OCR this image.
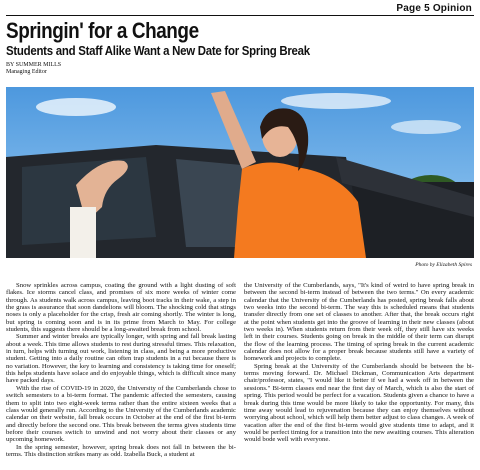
Page 5 Opinion
Springin' for a Change
Students and Staff Alike Want a New Date for Spring Break
BY SUMMER MILLS
Managing Editor
Photo by Elizabeth Spires

Snow sprinkles across campus, coating the ground with a light dusting of soft flakes. Ice storms cancel class, and promises of six more weeks of winter come through. As students walk across campus, leaving boot tracks in their wake, a step in the grass is assurance that soon dandelions will bloom. The shocking cold that stings noses is only a placeholder for the crisp, fresh air coming shortly. The winter is long, but spring is coming soon and is in its prime from March to May. For college students, this suggests there should be a long-awaited break from school.

Summer and winter breaks are typically longer, with spring and fall break lasting about a week. This time allows students to rest during stressful times. This relaxation, in turn, helps with turning out work, listening in class, and being a more productive student. Getting into a daily routine can often trap students in a rut because there is no variation. However, the key to learning and consistency is taking time for oneself; this helps students have solace and do enjoyable things, which is difficult since many have packed days.

With the rise of COVID-19 in 2020, the University of the Cumberlands chose to switch semesters to a bi-term format. The pandemic affected the semesters, causing them to split into two eight-week terms rather than the entire sixteen weeks that a class would generally run. According to the University of the Cumberlands academic calendar on their website, fall break occurs in October at the end of the first bi-term and directly before the second one. This break between the terms gives students time before their courses switch to unwind and not worry about their classes or any upcoming homework.

In the spring semester, however, spring break does not fall in between the bi-terms. This distinction strikes many as odd. Izabella Buck, a student at

the University of the Cumberlands, says, "It's kind of weird to have spring break in between the second bi-term instead of between the two terms." On every academic calendar that the University of the Cumberlands has posted, spring break falls about two weeks into the second bi-term. The way this is scheduled means that students transfer directly from one set of classes to another. After that, the break occurs right at the point when students get into the groove of learning in their new classes (about two weeks in). When students return from their week off, they still have six weeks left in their courses. Students going on break in the middle of their term can disrupt the flow of the learning process. The timing of spring break in the current academic calendar does not allow for a proper break because students still have a variety of homework and projects to complete.

Spring break at the University of the Cumberlands should be between the bi-terms moving forward. Dr. Michael Dickman, Communication Arts department chair/professor, states, "I would like it better if we had a week off in between the sessions." Bi-term classes end near the first day of March, which is also the start of spring. This period would be perfect for a vacation. Students given a chance to have a break during this time would be more likely to take the opportunity. For many, this time away would lead to rejuvenation because they can enjoy themselves without worrying about school, which will help them better adjust to class changes. A week of vacation after the end of the first bi-term would give students time to adapt, and it would be perfect timing for a transition into the new awaiting courses. This alteration would bode well with everyone.
